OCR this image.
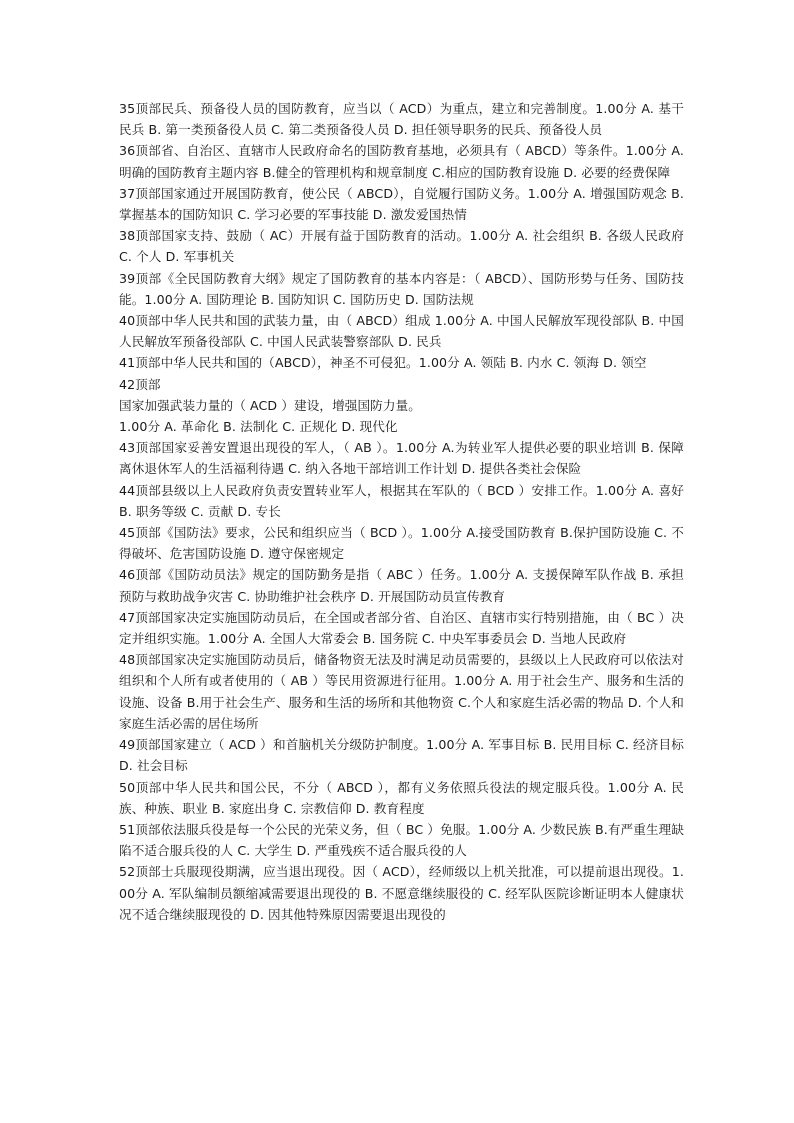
35顶部民兵、预备役人员的国防教育，应当以（ ACD）为重点，建立和完善制度。1.00分 A. 基干民兵 B. 第一类预备役人员 C. 第二类预备役人员 D. 担任领导职务的民兵、预备役人员

36顶部省、自治区、直辖市人民政府命名的国防教育基地，必须具有（ ABCD）等条件。1.00分 A.明确的国防教育主题内容 B.健全的管理机构和规章制度 C.相应的国防教育设施 D. 必要的经费保障

37顶部国家通过开展国防教育，使公民（ ABCD），自觉履行国防义务。1.00分 A. 增强国防观念 B. 掌握基本的国防知识 C. 学习必要的军事技能 D. 激发爱国热情

38顶部国家支持、鼓励（ AC）开展有益于国防教育的活动。1.00分 A. 社会组织 B. 各级人民政府 C. 个人 D. 军事机关

39顶部《全民国防教育大纲》规定了国防教育的基本内容是：（ ABCD）、国防形势与任务、国防技能。1.00分 A. 国防理论 B. 国防知识 C. 国防历史 D. 国防法规

40顶部中华人民共和国的武装力量，由（ ABCD）组成 1.00分 A. 中国人民解放军现役部队 B. 中国人民解放军预备役部队 C. 中国人民武装警察部队 D. 民兵

41顶部中华人民共和国的（ABCD），神圣不可侵犯。1.00分 A. 领陆 B. 内水 C. 领海 D. 领空

42顶部

国家加强武装力量的（ ACD ）建设，增强国防力量。

1.00分 A. 革命化 B. 法制化 C. 正规化 D. 现代化

43顶部国家妥善安置退出现役的军人，（ AB ）。1.00分 A.为转业军人提供必要的职业培训 B. 保障离休退休军人的生活福利待遇 C. 纳入各地干部培训工作计划 D. 提供各类社会保险

44顶部县级以上人民政府负责安置转业军人，根据其在军队的（ BCD ）安排工作。1.00分 A. 喜好 B. 职务等级 C. 贡献 D. 专长

45顶部《国防法》要求，公民和组织应当（ BCD ）。1.00分 A.接受国防教育 B.保护国防设施 C. 不得破坏、危害国防设施 D. 遵守保密规定

46顶部《国防动员法》规定的国防勤务是指（ ABC ）任务。1.00分 A. 支援保障军队作战 B. 承担预防与救助战争灾害 C. 协助维护社会秩序 D. 开展国防动员宣传教育

47顶部国家决定实施国防动员后，在全国或者部分省、自治区、直辖市实行特别措施，由（ BC ）决定并组织实施。1.00分 A. 全国人大常委会 B. 国务院 C. 中央军事委员会 D. 当地人民政府

48顶部国家决定实施国防动员后，储备物资无法及时满足动员需要的，县级以上人民政府可以依法对组织和个人所有或者使用的（ AB ）等民用资源进行征用。1.00分 A. 用于社会生产、服务和生活的设施、设备 B.用于社会生产、服务和生活的场所和其他物资 C.个人和家庭生活必需的物品 D. 个人和家庭生活必需的居住场所

49顶部国家建立（ ACD ）和首脑机关分级防护制度。1.00分 A. 军事目标 B. 民用目标 C. 经济目标 D. 社会目标

50顶部中华人民共和国公民，不分（ ABCD ），都有义务依照兵役法的规定服兵役。1.00分 A. 民族、种族、职业 B. 家庭出身 C. 宗教信仰 D. 教育程度

51顶部依法服兵役是每一个公民的光荣义务，但（ BC ）免服。1.00分 A. 少数民族 B.有严重生理缺陷不适合服兵役的人 C. 大学生 D. 严重残疾不适合服兵役的人

52顶部士兵服现役期满，应当退出现役。因（ ACD），经师级以上机关批准，可以提前退出现役。1.00分 A. 军队编制员额缩减需要退出现役的 B. 不愿意继续服役的 C. 经军队医院诊断证明本人健康状况不适合继续服现役的 D. 因其他特殊原因需要退出现役的
